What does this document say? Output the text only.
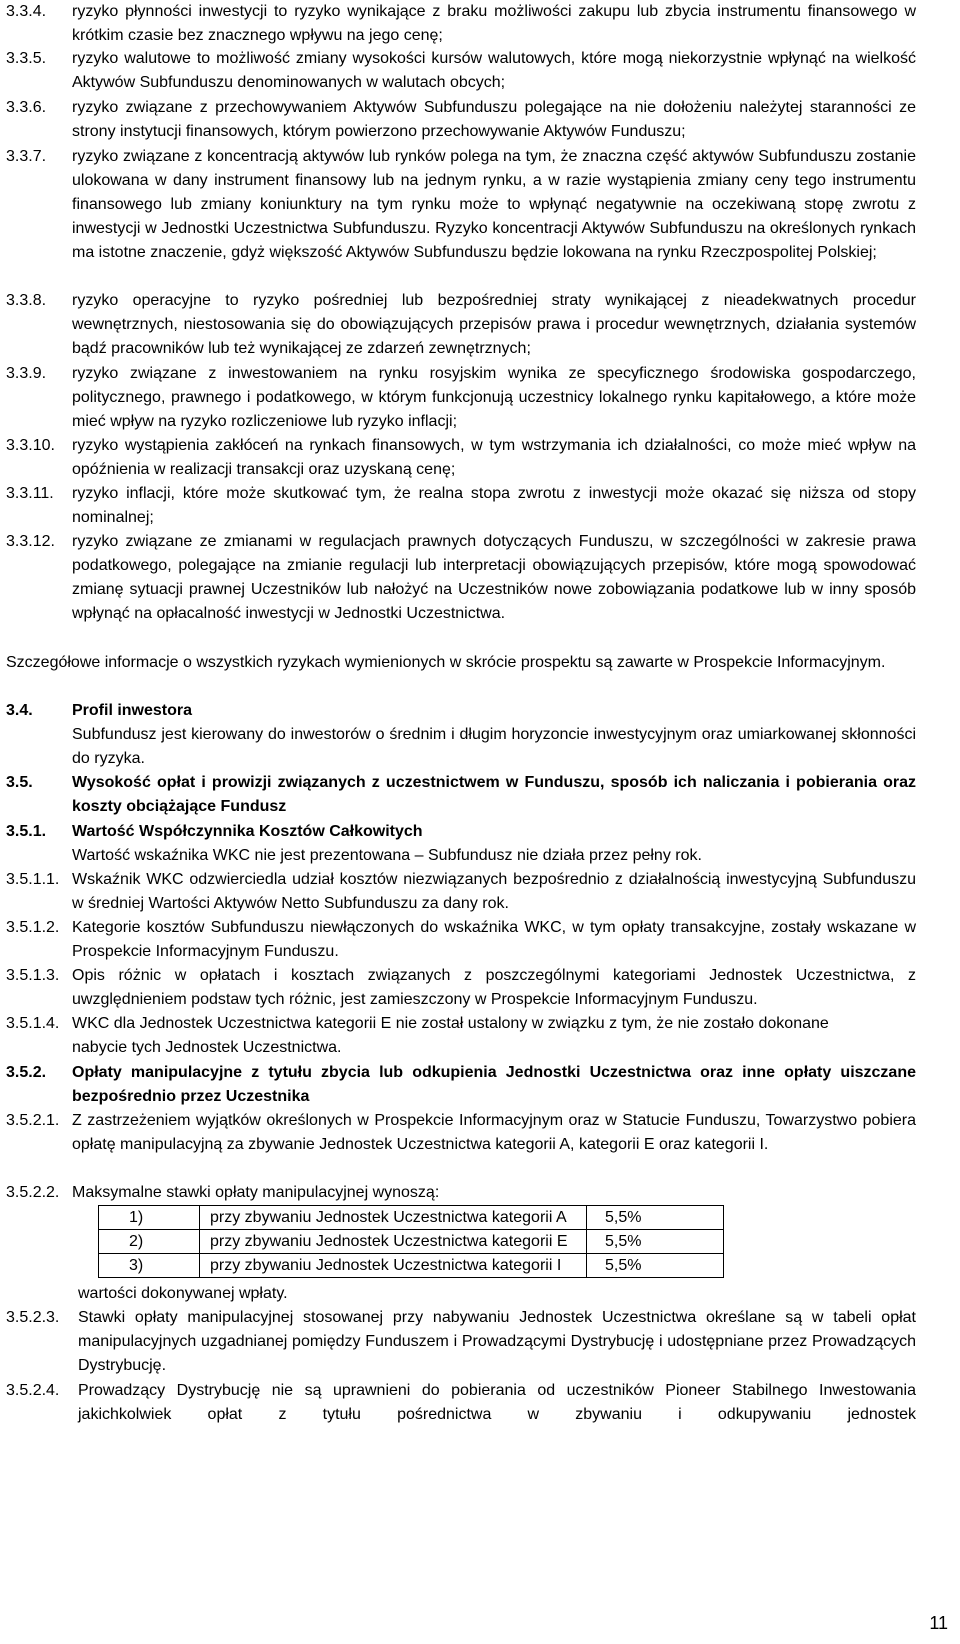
3.3.4. ryzyko płynności inwestycji to ryzyko wynikające z braku możliwości zakupu lub zbycia instrumentu finansowego w krótkim czasie bez znacznego wpływu na jego cenę;
3.3.5. ryzyko walutowe to możliwość zmiany wysokości kursów walutowych, które mogą niekorzystnie wpłynąć na wielkość Aktywów Subfunduszu denominowanych w walutach obcych;
3.3.6. ryzyko związane z przechowywaniem Aktywów Subfunduszu polegające na nie dołożeniu należytej staranności ze strony instytucji finansowych, którym powierzono przechowywanie Aktywów Funduszu;
3.3.7. ryzyko związane z koncentracją aktywów lub rynków polega na tym, że znaczna część aktywów Subfunduszu zostanie ulokowana w dany instrument finansowy lub na jednym rynku, a w razie wystąpienia zmiany ceny tego instrumentu finansowego lub zmiany koniunktury na tym rynku może to wpłynąć negatywnie na oczekiwaną stopę zwrotu z inwestycji w Jednostki Uczestnictwa Subfunduszu. Ryzyko koncentracji Aktywów Subfunduszu na określonych rynkach ma istotne znaczenie, gdyż większość Aktywów Subfunduszu będzie lokowana na rynku Rzeczpospolitej Polskiej;
3.3.8. ryzyko operacyjne to ryzyko pośredniej lub bezpośredniej straty wynikającej z nieadekwatnych procedur wewnętrznych, niestosowania się do obowiązujących przepisów prawa i procedur wewnętrznych, działania systemów bądź pracowników lub też wynikającej ze zdarzeń zewnętrznych;
3.3.9. ryzyko związane z inwestowaniem na rynku rosyjskim wynika ze specyficznego środowiska gospodarczego, politycznego, prawnego i podatkowego, w którym funkcjonują uczestnicy lokalnego rynku kapitałowego, a które może mieć wpływ na ryzyko rozliczeniowe lub ryzyko inflacji;
3.3.10. ryzyko wystąpienia zakłóceń na rynkach finansowych, w tym wstrzymania ich działalności, co może mieć wpływ na opóźnienia w realizacji transakcji oraz uzyskaną cenę;
3.3.11. ryzyko inflacji, które może skutkować tym, że realna stopa zwrotu z inwestycji może okazać się niższa od stopy nominalnej;
3.3.12. ryzyko związane ze zmianami w regulacjach prawnych dotyczących Funduszu, w szczególności w zakresie prawa podatkowego, polegające na zmianie regulacji lub interpretacji obowiązujących przepisów, które mogą spowodować zmianę sytuacji prawnej Uczestników lub nałożyć na Uczestników nowe zobowiązania podatkowe lub w inny sposób wpłynąć na opłacalność inwestycji w Jednostki Uczestnictwa.
Szczegółowe informacje o wszystkich ryzykach wymienionych w skrócie prospektu są zawarte w Prospekcie Informacyjnym.
3.4. Profil inwestora
Subfundusz jest kierowany do inwestorów o średnim i długim horyzoncie inwestycyjnym oraz umiarkowanej skłonności do ryzyka.
3.5. Wysokość opłat i prowizji związanych z uczestnictwem w Funduszu, sposób ich naliczania i pobierania oraz koszty obciążające Fundusz
3.5.1. Wartość Współczynnika Kosztów Całkowitych
Wartość wskaźnika WKC nie jest prezentowana – Subfundusz nie działa przez pełny rok.
3.5.1.1. Wskaźnik WKC odzwierciedla udział kosztów niezwiązanych bezpośrednio z działalnością inwestycyjną Subfunduszu w średniej Wartości Aktywów Netto Subfunduszu za dany rok.
3.5.1.2. Kategorie kosztów Subfunduszu niewłączonych do wskaźnika WKC, w tym opłaty transakcyjne, zostały wskazane w Prospekcie Informacyjnym Funduszu.
3.5.1.3. Opis różnic w opłatach i kosztach związanych z poszczególnymi kategoriami Jednostek Uczestnictwa, z uwzględnieniem podstaw tych różnic, jest zamieszczony w Prospekcie Informacyjnym Funduszu.
3.5.1.4. WKC dla Jednostek Uczestnictwa kategorii E nie został ustalony w związku z tym, że nie zostało dokonane nabycie tych Jednostek Uczestnictwa.
3.5.2. Opłaty manipulacyjne z tytułu zbycia lub odkupienia Jednostki Uczestnictwa oraz inne opłaty uiszczane bezpośrednio przez Uczestnika
3.5.2.1. Z zastrzeżeniem wyjątków określonych w Prospekcie Informacyjnym oraz w Statucie Funduszu, Towarzystwo pobiera opłatę manipulacyjną za zbywanie Jednostek Uczestnictwa kategorii A, kategorii E oraz kategorii I.
3.5.2.2. Maksymalne stawki opłaty manipulacyjnej wynoszą:
1)	przy zbywaniu Jednostek Uczestnictwa kategorii A	5,5%
2)	przy zbywaniu Jednostek Uczestnictwa kategorii E	5,5%
3)	przy zbywaniu Jednostek Uczestnictwa kategorii I	5,5%
wartości dokonywanej wpłaty.
3.5.2.3. Stawki opłaty manipulacyjnej stosowanej przy nabywaniu Jednostek Uczestnictwa określane są w tabeli opłat manipulacyjnych uzgadnianej pomiędzy Funduszem i Prowadzącymi Dystrybucję i udostępniane przez Prowadzących Dystrybucję.
3.5.2.4. Prowadzący Dystrybucję nie są uprawnieni do pobierania od uczestników Pioneer Stabilnego Inwestowania jakichkolwiek opłat z tytułu pośrednictwa w zbywaniu i odkupywaniu jednostek
11
